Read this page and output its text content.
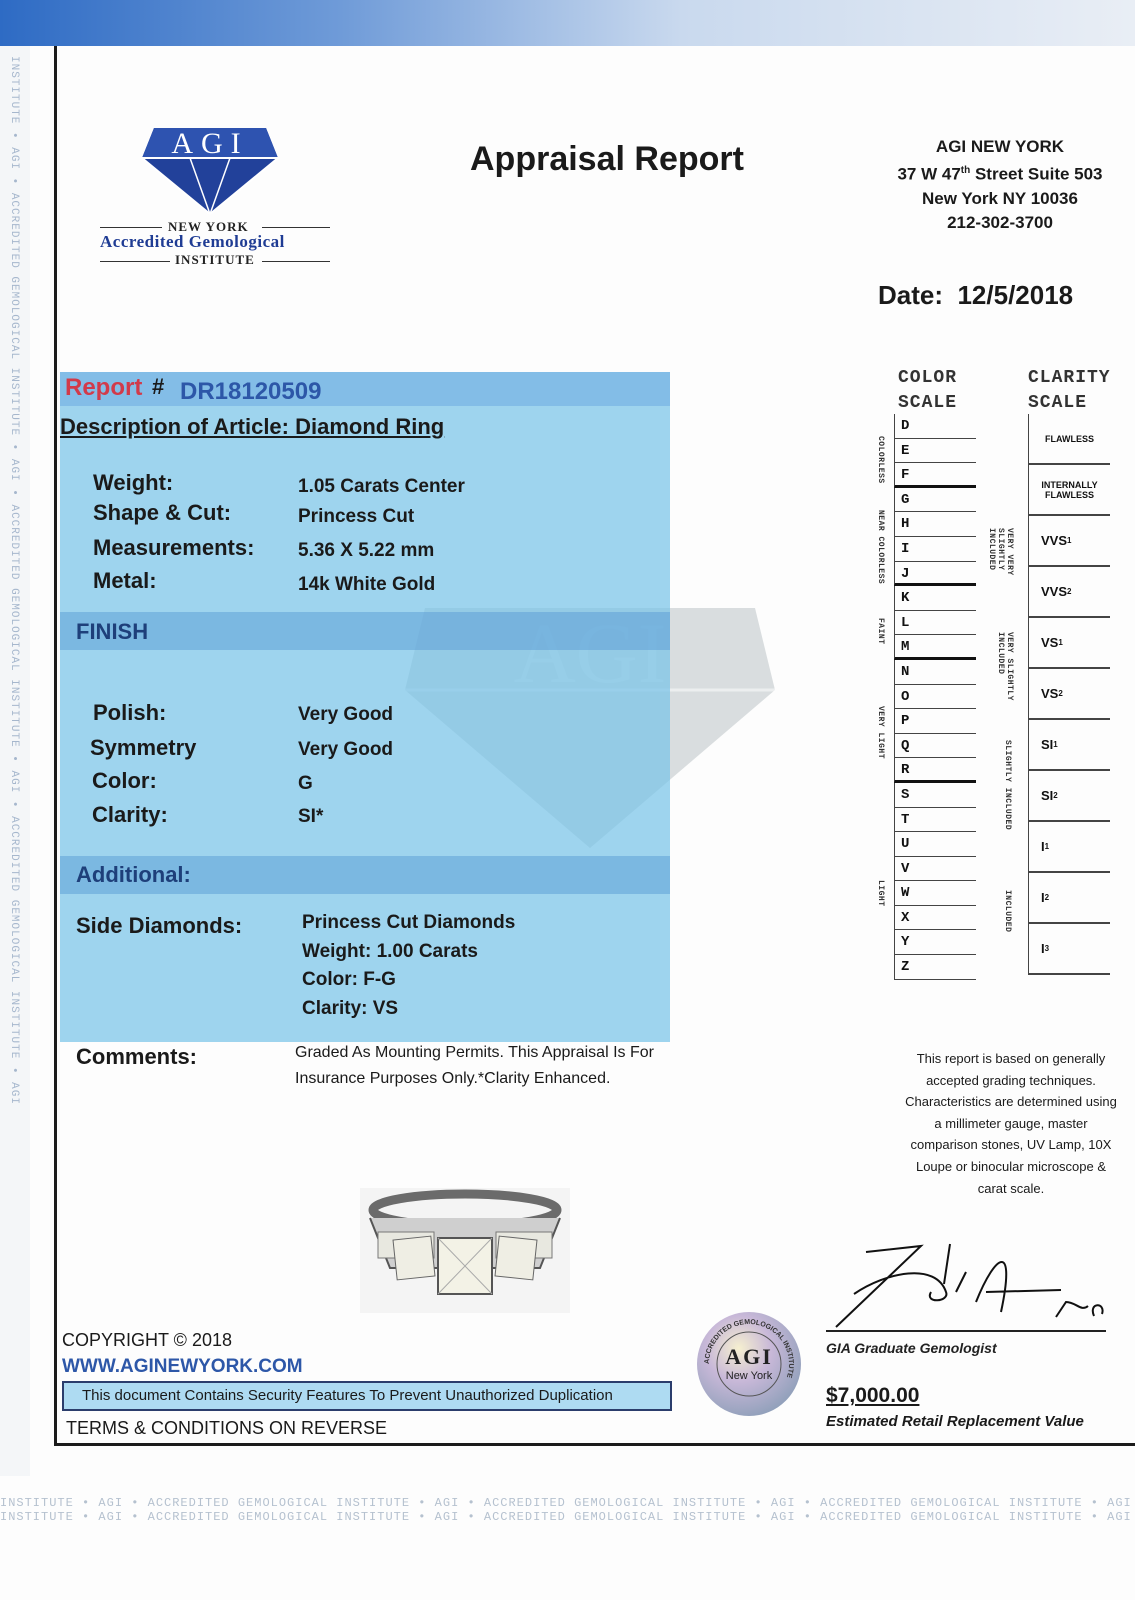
INSTITUTE • AGI • ACCREDITED GEMOLOGICAL INSTITUTE • AGI • ACCREDITED GEMOLOGICAL INSTITUTE • AGI • ACCREDITED GEMOLOGICAL INSTITUTE • AGI
INSTITUTE • AGI • ACCREDITED GEMOLOGICAL INSTITUTE • AGI • ACCREDITED GEMOLOGICAL INSTITUTE • AGI • ACCREDITED GEMOLOGICAL INSTITUTE • AGI
INSTITUTE • AGI • ACCREDITED GEMOLOGICAL INSTITUTE • AGI • ACCREDITED GEMOLOGICAL INSTITUTE • AGI • ACCREDITED GEMOLOGICAL INSTITUTE • AGI
AGI
NEW YORK
Accredited Gemological
INSTITUTE
Appraisal Report	AGI NEW YORK
37 W 47th Street Suite 503
New York NY 10036
212-302-3700
Date: 12/5/2018
Report # DR18120509
Description of Article: Diamond Ring
Weight:	1.05 Carats Center
Shape & Cut:	Princess Cut
Measurements: 5.36 X 5.22 mm
Metal:	14k White Gold
FINISH
Polish:	Very Good
Symmetry	Very Good
Color:	G
Clarity:	SI*
Additional:
Side Diamonds:	Princess Cut Diamonds
Weight: 1.00 Carats
Color: F-G
Clarity: VS
Comments:	Graded As Mounting Permits. This Appraisal Is For
Insurance Purposes Only.*Clarity Enhanced.
COLOR
SCALE
D
E
F
G
H
I
J
K
L
M
N
O
P
Q
R
S
T
U
V
W
X
Y
Z
COLORLESS
NEAR COLORLESS
FAINT
VERY LIGHT
LIGHT
CLARITY
SCALE
FLAWLESS
INTERNALLY FLAWLESS
VVS 1
VVS 2
VS 1
VS 2
SI 1
SI 2
I 1
I 2
I 3
VERY VERY SLIGHTLY INCLUDED
VERY SLIGHTLY INCLUDED
SLIGHTLY INCLUDED
INCLUDED
This report is based on generally accepted grading techniques. Characteristics are determined using a millimeter gauge, master comparison stones, UV Lamp, 10X Loupe or binocular microscope & carat scale.
ACCREDITED GEMOLOGICAL INSTITUTE
AGI
New York
GIA Graduate Gemologist
$7,000.00
Estimated Retail Replacement Value
COPYRIGHT © 2018
WWW.AGINEWYORK.COM
This document Contains Security Features To Prevent Unauthorized Duplication
TERMS & CONDITIONS ON REVERSE
